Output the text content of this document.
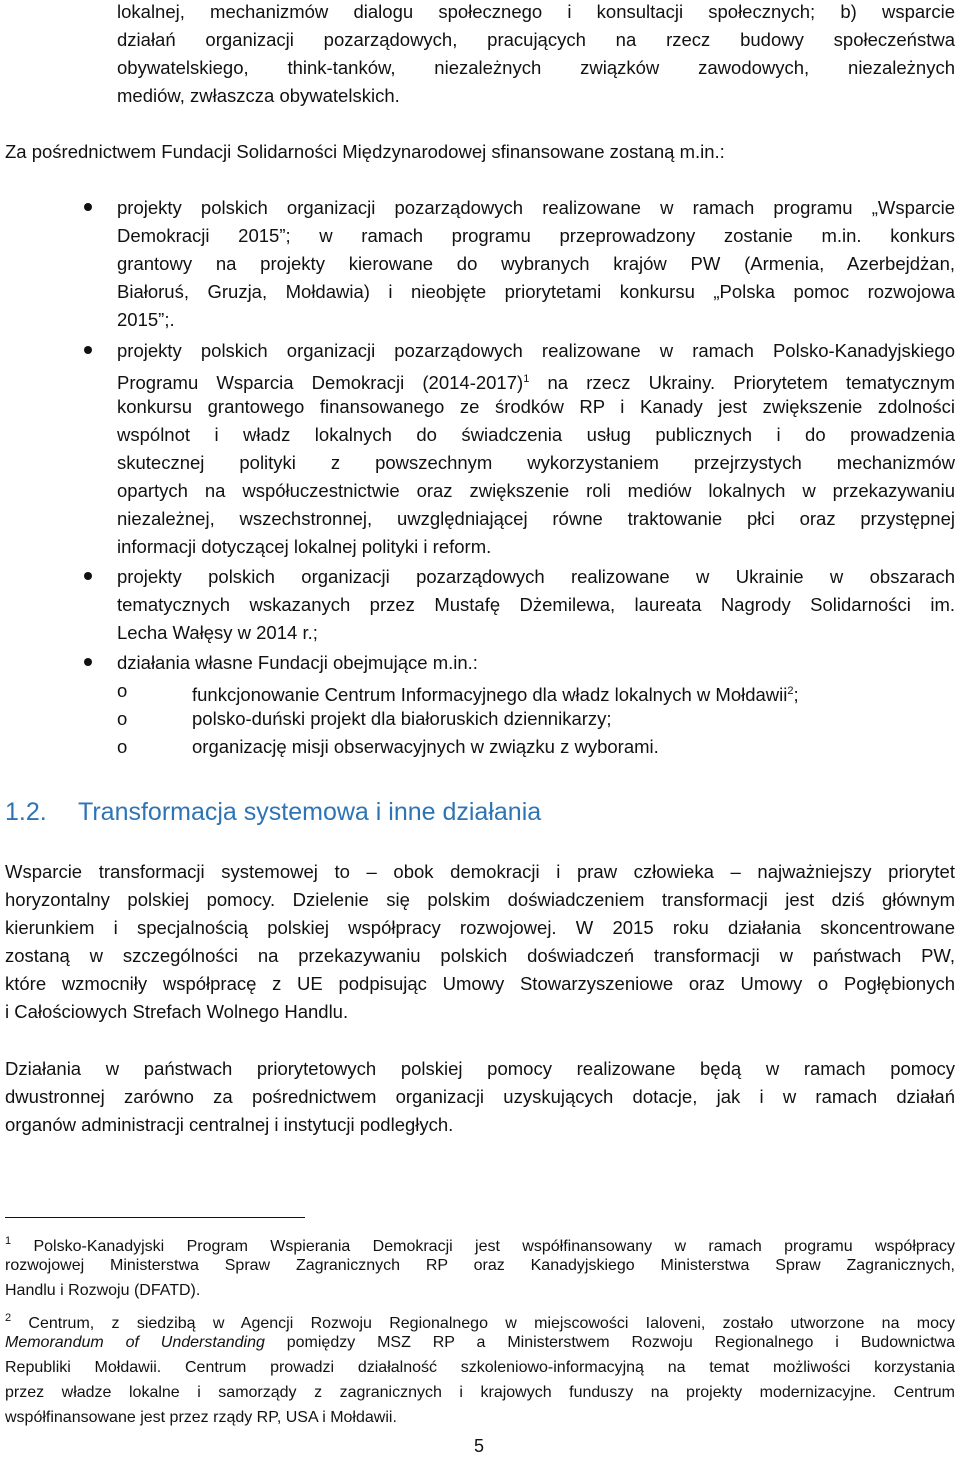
lokalnej, mechanizmów dialogu społecznego i konsultacji społecznych; b) wsparcie
działań organizacji pozarządowych, pracujących na rzecz budowy społeczeństwa
obywatelskiego, think-tanków, niezależnych związków zawodowych, niezależnych
mediów, zwłaszcza obywatelskich.
Za pośrednictwem Fundacji Solidarności Międzynarodowej sfinansowane zostaną m.in.:
projekty polskich organizacji pozarządowych realizowane w ramach programu „Wsparcie
Demokracji 2015”; w ramach programu przeprowadzony zostanie m.in. konkurs
grantowy na projekty kierowane do wybranych krajów PW (Armenia, Azerbejdżan,
Białoruś, Gruzja, Mołdawia) i nieobjęte priorytetami konkursu „Polska pomoc rozwojowa
2015”;.
projekty polskich organizacji pozarządowych realizowane w ramach Polsko-Kanadyjskiego
Programu Wsparcia Demokracji (2014-2017)$^1$ na rzecz Ukrainy. Priorytetem tematycznym
konkursu grantowego finansowanego ze środków RP i Kanady jest zwiększenie zdolności
wspólnot i władz lokalnych do świadczenia usług publicznych i do prowadzenia
skutecznej polityki z powszechnym wykorzystaniem przejrzystych mechanizmów
opartych na współuczestnictwie oraz zwiększenie roli mediów lokalnych w przekazywaniu
niezależnej, wszechstronnej, uwzględniającej równe traktowanie płci oraz przystępnej
informacji dotyczącej lokalnej polityki i reform.
projekty polskich organizacji pozarządowych realizowane w Ukrainie w obszarach
tematycznych wskazanych przez Mustafę Dżemilewa, laureata Nagrody Solidarności im.
Lecha Wałęsy w 2014 r.;
działania własne Fundacji obejmujące m.in.:
o	funkcjonowanie Centrum Informacyjnego dla władz lokalnych w Mołdawii$^2$;
o	polsko-duński projekt dla białoruskich dziennikarzy;
o	organizację misji obserwacyjnych w związku z wyborami.
1.2. Transformacja systemowa i inne działania
Wsparcie transformacji systemowej to – obok demokracji i praw człowieka – najważniejszy priorytet
horyzontalny polskiej pomocy. Dzielenie się polskim doświadczeniem transformacji jest dziś głównym
kierunkiem i specjalnością polskiej współpracy rozwojowej. W 2015 roku działania skoncentrowane
zostaną w szczególności na przekazywaniu polskich doświadczeń transformacji w państwach PW,
które wzmocniły współpracę z UE podpisując Umowy Stowarzyszeniowe oraz Umowy o Pogłębionych
i Całościowych Strefach Wolnego Handlu.
Działania w państwach priorytetowych polskiej pomocy realizowane będą w ramach pomocy
dwustronnej zarówno za pośrednictwem organizacji uzyskujących dotacje, jak i w ramach działań
organów administracji centralnej i instytucji podległych.
$^1$ Polsko-Kanadyjski Program Wspierania Demokracji jest współfinansowany w ramach programu współpracy
rozwojowej Ministerstwa Spraw Zagranicznych RP oraz Kanadyjskiego Ministerstwa Spraw Zagranicznych,
Handlu i Rozwoju (DFATD).
$^2$ Centrum, z siedzibą w Agencji Rozwoju Regionalnego w miejscowości Ialoveni, zostało utworzone na mocy
Memorandum of Understanding pomiędzy MSZ RP a Ministerstwem Rozwoju Regionalnego i Budownictwa
Republiki Mołdawii. Centrum prowadzi działalność szkoleniowo-informacyjną na temat możliwości korzystania
przez władze lokalne i samorządy z zagranicznych i krajowych funduszy na projekty modernizacyjne. Centrum
współfinansowane jest przez rządy RP, USA i Mołdawii.
5
